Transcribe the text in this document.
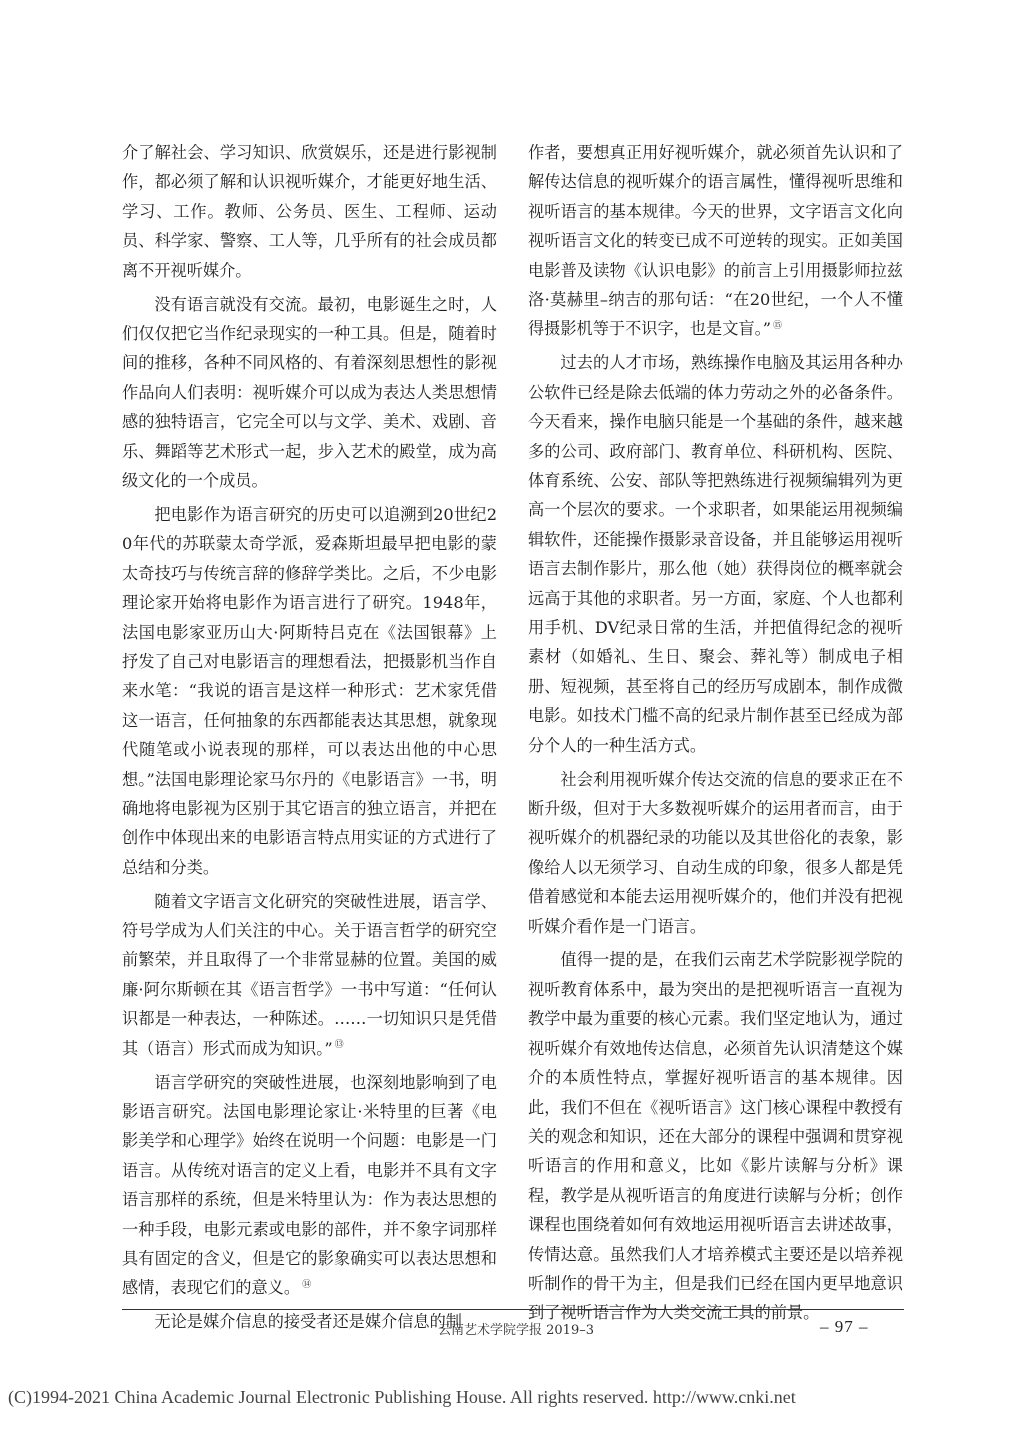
介了解社会、学习知识、欣赏娱乐，还是进行影视制作，都必须了解和认识视听媒介，才能更好地生活、学习、工作。教师、公务员、医生、工程师、运动员、科学家、警察、工人等，几乎所有的社会成员都离不开视听媒介。

没有语言就没有交流。最初，电影诞生之时，人们仅仅把它当作纪录现实的一种工具。但是，随着时间的推移，各种不同风格的、有着深刻思想性的影视作品向人们表明：视听媒介可以成为表达人类思想情感的独特语言，它完全可以与文学、美术、戏剧、音乐、舞蹈等艺术形式一起，步入艺术的殿堂，成为高级文化的一个成员。

把电影作为语言研究的历史可以追溯到20世纪20年代的苏联蒙太奇学派，爱森斯坦最早把电影的蒙太奇技巧与传统言辞的修辞学类比。之后，不少电影理论家开始将电影作为语言进行了研究。1948年，法国电影家亚历山大·阿斯特吕克在《法国银幕》上抒发了自己对电影语言的理想看法，把摄影机当作自来水笔：“我说的语言是这样一种形式：艺术家凭借这一语言，任何抽象的东西都能表达其思想，就象现代随笔或小说表现的那样，可以表达出他的中心思想。”法国电影理论家马尔丹的《电影语言》一书，明确地将电影视为区别于其它语言的独立语言，并把在创作中体现出来的电影语言特点用实证的方式进行了总结和分类。

随着文字语言文化研究的突破性进展，语言学、符号学成为人们关注的中心。关于语言哲学的研究空前繁荣，并且取得了一个非常显赫的位置。美国的威廉·阿尔斯顿在其《语言哲学》一书中写道：“任何认识都是一种表达，一种陈述。……一切知识只是凭借其（语言）形式而成为知识。” ⑬

语言学研究的突破性进展，也深刻地影响到了电影语言研究。法国电影理论家让·米特里的巨著《电影美学和心理学》始终在说明一个问题：电影是一门语言。从传统对语言的定义上看，电影并不具有文字语言那样的系统，但是米特里认为：作为表达思想的一种手段，电影元素或电影的部件，并不象字词那样具有固定的含义，但是它的影象确实可以表达思想和感情，表现它们的意义。 ⑭

无论是媒介信息的接受者还是媒介信息的制

作者，要想真正用好视听媒介，就必须首先认识和了解传达信息的视听媒介的语言属性，懂得视听思维和视听语言的基本规律。今天的世界，文字语言文化向视听语言文化的转变已成不可逆转的现实。正如美国电影普及读物《认识电影》的前言上引用摄影师拉兹洛·莫赫里–纳吉的那句话：“在20世纪，一个人不懂得摄影机等于不识字，也是文盲。” ⑮

过去的人才市场，熟练操作电脑及其运用各种办公软件已经是除去低端的体力劳动之外的必备条件。今天看来，操作电脑只能是一个基础的条件，越来越多的公司、政府部门、教育单位、科研机构、医院、体育系统、公安、部队等把熟练进行视频编辑列为更高一个层次的要求。一个求职者，如果能运用视频编辑软件，还能操作摄影录音设备，并且能够运用视听语言去制作影片，那么他（她）获得岗位的概率就会远高于其他的求职者。另一方面，家庭、个人也都利用手机、DV纪录日常的生活，并把值得纪念的视听素材（如婚礼、生日、聚会、葬礼等）制成电子相册、短视频，甚至将自己的经历写成剧本，制作成微电影。如技术门槛不高的纪录片制作甚至已经成为部分个人的一种生活方式。

社会利用视听媒介传达交流的信息的要求正在不断升级，但对于大多数视听媒介的运用者而言，由于视听媒介的机器纪录的功能以及其世俗化的表象，影像给人以无须学习、自动生成的印象，很多人都是凭借着感觉和本能去运用视听媒介的，他们并没有把视听媒介看作是一门语言。

值得一提的是，在我们云南艺术学院影视学院的视听教育体系中，最为突出的是把视听语言一直视为教学中最为重要的核心元素。我们坚定地认为，通过视听媒介有效地传达信息，必须首先认识清楚这个媒介的本质性特点，掌握好视听语言的基本规律。因此，我们不但在《视听语言》这门核心课程中教授有关的观念和知识，还在大部分的课程中强调和贯穿视听语言的作用和意义，比如《影片读解与分析》课程，教学是从视听语言的角度进行读解与分析；创作课程也围绕着如何有效地运用视听语言去讲述故事，传情达意。虽然我们人才培养模式主要还是以培养视听制作的骨干为主，但是我们已经在国内更早地意识到了视听语言作为人类交流工具的前景。

云南艺术学院学报 2019–3	– 97 –
(C)1994-2021 China Academic Journal Electronic Publishing House. All rights reserved. http://www.cnki.net
